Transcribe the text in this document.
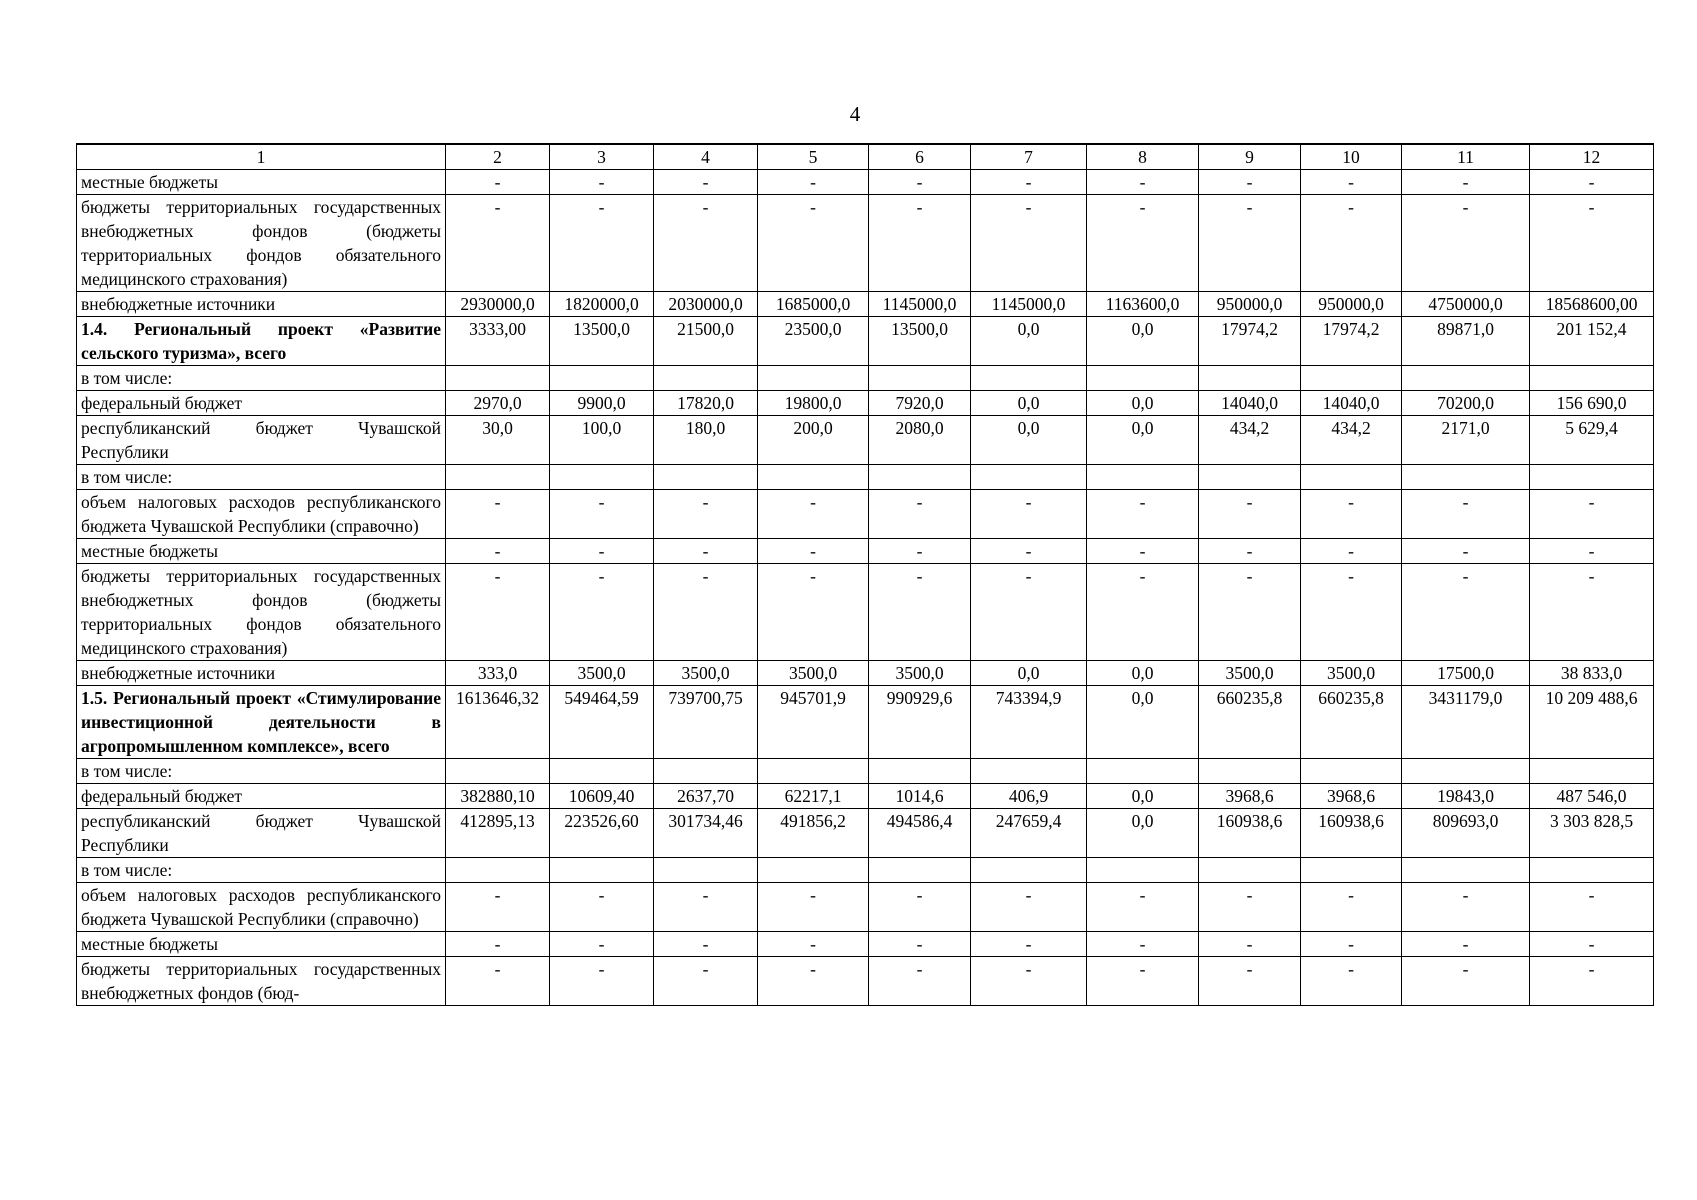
4
1	2	3	4	5	6	7	8	9	10	11	12
местные бюджеты	-	-	-	-	-	-	-	-	-	-	-
бюджеты территориальных государственных внебюджетных фондов (бюджеты территориальных фондов обязательного медицинского страхования)	-	-	-	-	-	-	-	-	-	-	-
внебюджетные источники	2930000,0	1820000,0	2030000,0	1685000,0	1145000,0	1145000,0	1163600,0	950000,0	950000,0	4750000,0	18568600,00
1.4. Региональный проект «Развитие сельского туризма», всего	3333,00	13500,0	21500,0	23500,0	13500,0	0,0	0,0	17974,2	17974,2	89871,0	201 152,4
в том числе:											
федеральный бюджет	2970,0	9900,0	17820,0	19800,0	7920,0	0,0	0,0	14040,0	14040,0	70200,0	156 690,0
республиканский бюджет Чувашской Республики	30,0	100,0	180,0	200,0	2080,0	0,0	0,0	434,2	434,2	2171,0	5 629,4
в том числе:											
объем налоговых расходов республиканского бюджета Чувашской Республики (справочно)	-	-	-	-	-	-	-	-	-	-	-
местные бюджеты	-	-	-	-	-	-	-	-	-	-	-
бюджеты территориальных государственных внебюджетных фондов (бюджеты территориальных фондов обязательного медицинского страхования)	-	-	-	-	-	-	-	-	-	-	-
внебюджетные источники	333,0	3500,0	3500,0	3500,0	3500,0	0,0	0,0	3500,0	3500,0	17500,0	38 833,0
1.5. Региональный проект «Стимулирование инвестиционной деятельности в агропромышленном комплексе», всего	1613646,32	549464,59	739700,75	945701,9	990929,6	743394,9	0,0	660235,8	660235,8	3431179,0	10 209 488,6
в том числе:											
федеральный бюджет	382880,10	10609,40	2637,70	62217,1	1014,6	406,9	0,0	3968,6	3968,6	19843,0	487 546,0
республиканский бюджет Чувашской Республики	412895,13	223526,60	301734,46	491856,2	494586,4	247659,4	0,0	160938,6	160938,6	809693,0	3 303 828,5
в том числе:											
объем налоговых расходов республиканского бюджета Чувашской Республики (справочно)	-	-	-	-	-	-	-	-	-	-	-
местные бюджеты	-	-	-	-	-	-	-	-	-	-	-
бюджеты территориальных государственных внебюджетных фондов (бюд-	-	-	-	-	-	-	-	-	-	-	-
